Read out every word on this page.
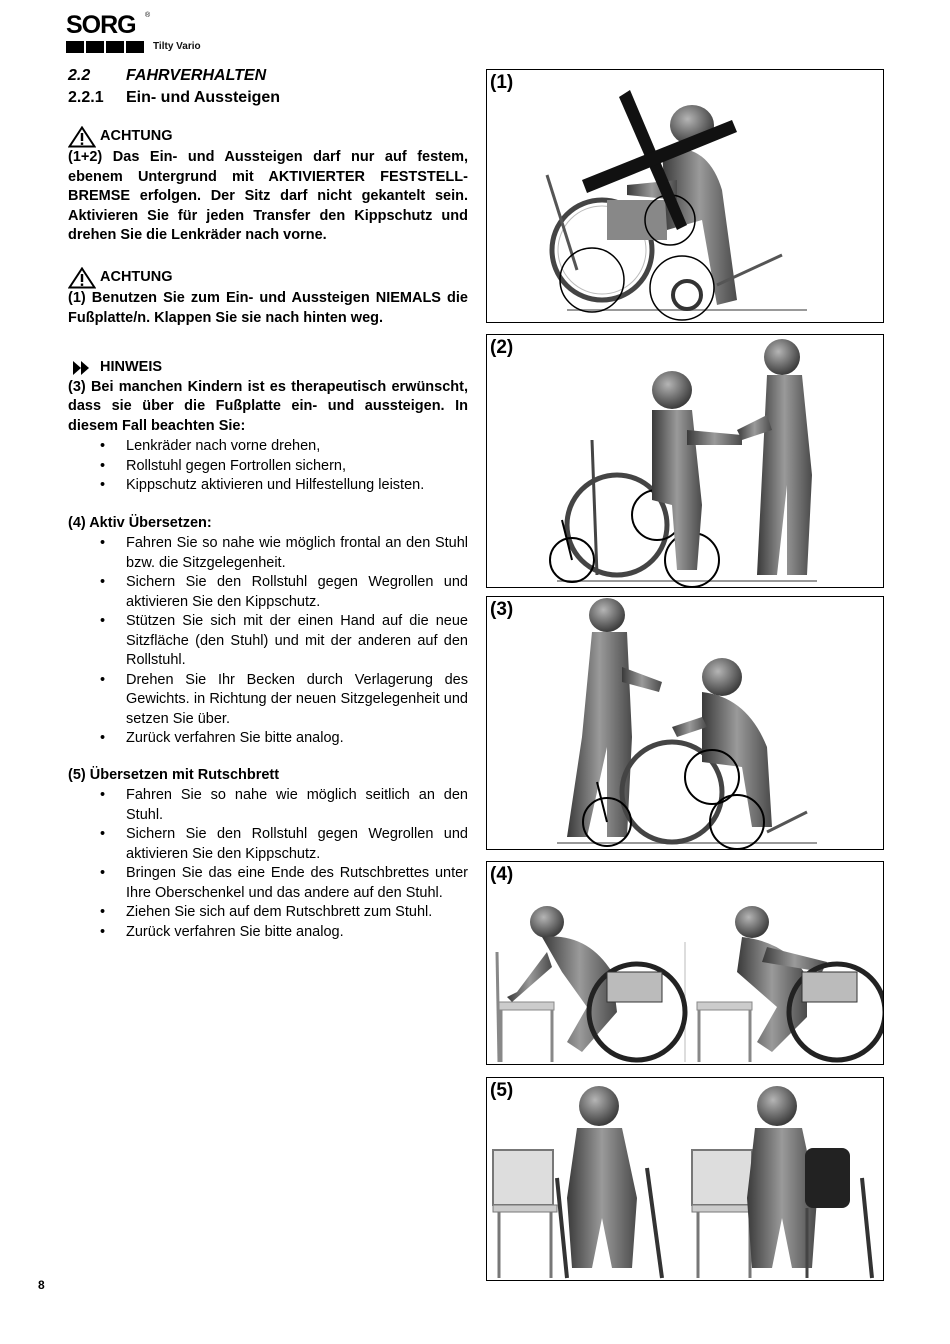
SORG ®
Tilty Vario
2.2 FAHRVERHALTEN
2.2.1 Ein- und Aussteigen
ACHTUNG
(1+2) Das Ein- und Aussteigen darf nur auf festem, ebenem Untergrund mit AKTIVIERTER FESTSTELLBREMSE erfolgen. Der Sitz darf nicht gekantelt sein. Aktivieren Sie für jeden Transfer den Kippschutz und drehen Sie die Lenkräder nach vorne.
ACHTUNG
(1) Benutzen Sie zum Ein- und Aussteigen NIEMALS die Fußplatte/n. Klappen Sie sie nach hinten weg.
HINWEIS
(3) Bei manchen Kindern ist es therapeutisch erwünscht, dass sie über die Fußplatte ein- und aussteigen. In diesem Fall beachten Sie:
• Lenkräder nach vorne drehen,
• Rollstuhl gegen Fortrollen sichern,
• Kippschutz aktivieren und Hilfestellung leisten.
(4) Aktiv Übersetzen:
• Fahren Sie so nahe wie möglich frontal an den Stuhl bzw. die Sitzgelegenheit.
• Sichern Sie den Rollstuhl gegen Wegrollen und aktivieren Sie den Kippschutz.
• Stützen Sie sich mit der einen Hand auf die neue Sitzfläche (den Stuhl) und mit der anderen auf den Rollstuhl.
• Drehen Sie Ihr Becken durch Verlagerung des Gewichts. in Richtung der neuen Sitzgelegenheit und setzen Sie über.
• Zurück verfahren Sie bitte analog.
(5) Übersetzen mit Rutschbrett
• Fahren Sie so nahe wie möglich seitlich an den Stuhl.
• Sichern Sie den Rollstuhl gegen Wegrollen und aktivieren Sie den Kippschutz.
• Bringen Sie das eine Ende des Rutschbrettes unter Ihre Oberschenkel und das andere auf den Stuhl.
• Ziehen Sie sich auf dem Rutschbrett zum Stuhl.
• Zurück verfahren Sie bitte analog.
(1)
(2)
(3)
(4)
(5)
8
